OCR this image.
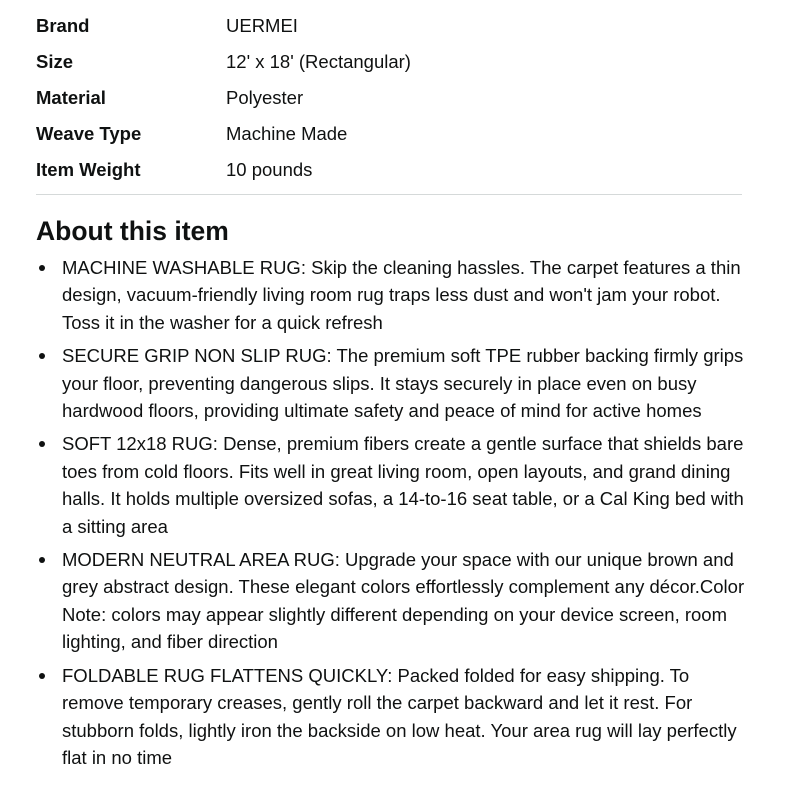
Brand	UERMEI
Size	12' x 18' (Rectangular)
Material	Polyester
Weave Type	Machine Made
Item Weight	10 pounds
About this item
MACHINE WASHABLE RUG: Skip the cleaning hassles. The carpet features a thin design, vacuum-friendly living room rug traps less dust and won't jam your robot. Toss it in the washer for a quick refresh
SECURE GRIP NON SLIP RUG: The premium soft TPE rubber backing firmly grips your floor, preventing dangerous slips. It stays securely in place even on busy hardwood floors, providing ultimate safety and peace of mind for active homes
SOFT 12x18 RUG: Dense, premium fibers create a gentle surface that shields bare toes from cold floors. Fits well in great living room, open layouts, and grand dining halls. It holds multiple oversized sofas, a 14-to-16 seat table, or a Cal King bed with a sitting area
MODERN NEUTRAL AREA RUG: Upgrade your space with our unique brown and grey abstract design. These elegant colors effortlessly complement any décor.Color Note: colors may appear slightly different depending on your device screen, room lighting, and fiber direction
FOLDABLE RUG FLATTENS QUICKLY: Packed folded for easy shipping. To remove temporary creases, gently roll the carpet backward and let it rest. For stubborn folds, lightly iron the backside on low heat. Your area rug will lay perfectly flat in no time
